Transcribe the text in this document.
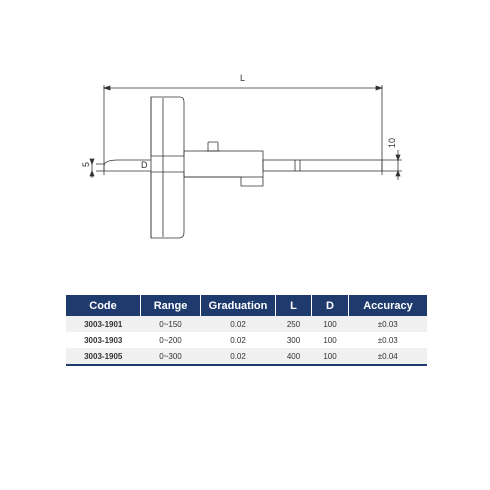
L
D
5
10
Code	Range	Graduation	L	D	Accuracy
3003-1901	0~150	0.02	250	100	±0.03
3003-1903	0~200	0.02	300	100	±0.03
3003-1905	0~300	0.02	400	100	±0.04
